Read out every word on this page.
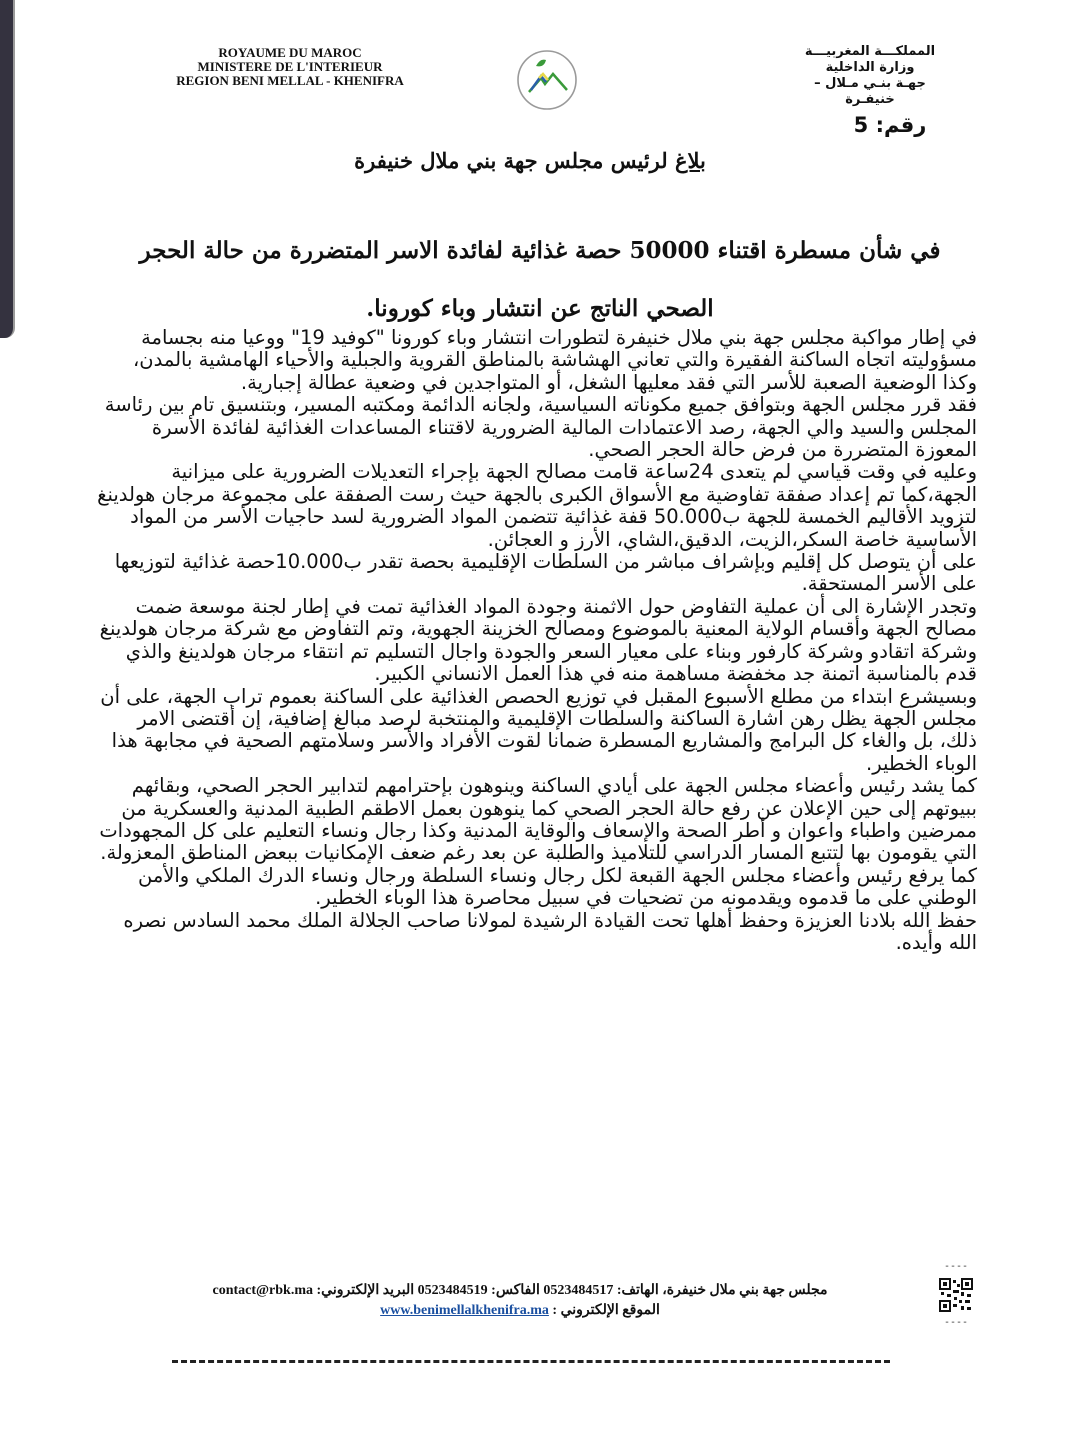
ROYAUME DU MAROC
MINISTERE DE L'INTERIEUR
REGION BENI MELLAL - KHENIFRA
المملكـــة المغربيـــة
وزارة الداخلية
جهـة بنـي مـلال – خنيفـرة
رقم: 5
بلاغ لرئيس مجلس جهة بني ملال خنيفرة
في شأن مسطرة اقتناء 50000 حصة غذائية لفائدة الاسر المتضررة من حالة الحجر
الصحي الناتج عن انتشار وباء كورونا.

في إطار مواكبة مجلس جهة بني ملال خنيفرة لتطورات انتشار وباء كورونا "كوفيد 19" ووعيا منه بجسامة مسؤوليته اتجاه الساكنة الفقيرة والتي تعاني الهشاشة بالمناطق القروية والجبلية والأحياء الهامشية بالمدن، وكذا الوضعية الصعبة للأسر التي فقد معليها الشغل، أو المتواجدين في وضعية عطالة إجبارية.

فقد قرر مجلس الجهة وبتوافق جميع مكوناته السياسية، ولجانه الدائمة ومكتبه المسير، وبتنسيق تام بين رئاسة المجلس والسيد والي الجهة، رصد الاعتمادات المالية الضرورية لاقتناء المساعدات الغذائية لفائدة الأسرة المعوزة المتضررة من فرض حالة الحجر الصحي.

وعليه في وقت قياسي لم يتعدى 24ساعة قامت مصالح الجهة بإجراء التعديلات الضرورية على ميزانية الجهة،كما تم إعداد صفقة تفاوضية مع الأسواق الكبرى بالجهة حيث رست الصفقة على مجموعة مرجان هولدينغ لتزويد الأقاليم الخمسة للجهة ب50.000 قفة غذائية تتضمن المواد الضرورية لسد حاجيات الأسر من المواد الأساسية خاصة السكر،الزيت، الدقيق،الشاي، الأرز و العجائن.

على أن يتوصل كل إقليم وبإشراف مباشر من السلطات الإقليمية بحصة تقدر ب10.000حصة غذائية لتوزيعها على الأسر المستحقة.

وتجدر الإشارة الى أن عملية التفاوض حول الاثمنة وجودة المواد الغذائية تمت في إطار لجنة موسعة ضمت مصالح الجهة وأقسام الولاية المعنية بالموضوع ومصالح الخزينة الجهوية، وتم التفاوض مع شركة مرجان هولدينغ وشركة اتقادو وشركة كارفور وبناء على معيار السعر والجودة واجال التسليم تم انتقاء مرجان هولدينغ والذي قدم بالمناسبة اتمنة جد مخفضة مساهمة منه في هذا العمل الانساني الكبير.

وبسيشرع ابتداء من مطلع الأسبوع المقبل في توزيع الحصص الغذائية على الساكنة بعموم تراب الجهة، على أن مجلس الجهة يظل رهن اشارة الساكنة والسلطات الإقليمية والمنتخبة لرصد مبالغ إضافية، إن أقتضى الامر ذلك، بل والغاء كل البرامج والمشاريع المسطرة ضمانا لقوت الأفراد والأسر وسلامتهم الصحية في مجابهة هذا الوباء الخطير.

كما يشد رئيس وأعضاء مجلس الجهة على أيادي الساكنة وينوهون بإحترامهم لتدابير الحجر الصحي، وبقائهم ببيوتهم إلى حين الإعلان عن رفع حالة الحجر الصحي كما ينوهون بعمل الاطقم الطبية المدنية والعسكرية من ممرضين واطباء واعوان و أطر الصحة والإسعاف والوقاية المدنية وكذا رجال ونساء التعليم على كل المجهودات التي يقومون بها لتتبع المسار الدراسي للتلاميذ والطلبة عن بعد رغم ضعف الإمكانيات ببعض المناطق المعزولة.

كما يرفع رئيس وأعضاء مجلس الجهة القبعة لكل رجال ونساء السلطة ورجال ونساء الدرك الملكي والأمن الوطني على ما قدموه ويقدمونه من تضحيات في سبيل محاصرة هذا الوباء الخطير.

حفظ الله بلادنا العزيزة وحفظ أهلها تحت القيادة الرشيدة لمولانا صاحب الجلالة الملك محمد السادس نصره الله وأيده.

مجلس جهة بني ملال خنيفرة، الهاتف: 0523484517 الفاكس: 0523484519 البريد الإلكتروني: contact@rbk.ma
الموقع الإلكتروني : www.benimellalkhenifra.ma
----
----
